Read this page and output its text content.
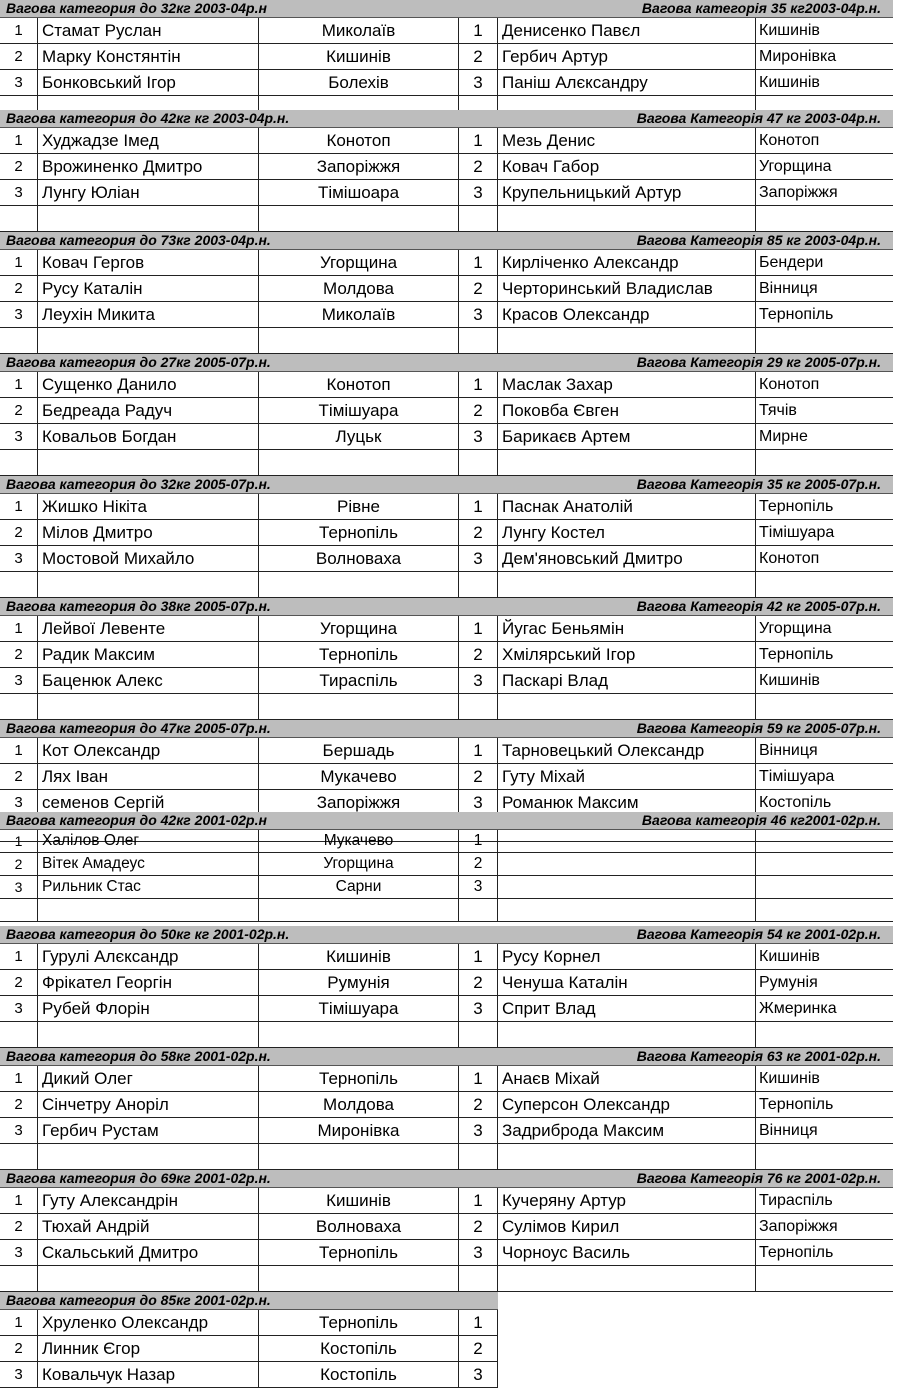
Вагова категория до 32кг 2003-04р.н	Вагова категорія 35 кг2003-04р.н.
1	Стамат Руслан	Миколаїв	1	Денисенко Павєл	Кишинів
2	Марку Констянтін	Кишинів	2	Гербич Артур	Миронівка
3	Бонковський Ігор	Болехів	3	Паніш Алєксандру	Кишинів
Вагова категория до 42кг кг 2003-04р.н.	Вагова Категорія 47 кг 2003-04р.н.
1	Худжадзе Імед	Конотоп	1	Мезь Денис	Конотоп
2	Врожиненко Дмитро	Запоріжжя	2	Ковач Габор	Угорщина
3	Лунгу Юліан	Тімішоара	3	Крупельницький Артур	Запоріжжя
Вагова категория до 73кг 2003-04р.н.	Вагова Категорія 85 кг 2003-04р.н.
1	Ковач Гергов	Угорщина	1	Кирліченко Александр	Бендери
2	Русу Каталін	Молдова	2	Черторинський Владислав	Вінниця
3	Леухін Микита	Миколаїв	3	Красов Олександр	Тернопіль
Вагова категория до 27кг 2005-07р.н.	Вагова Категорія 29 кг 2005-07р.н.
1	Сущенко Данило	Конотоп	1	Маслак Захар	Конотоп
2	Бедреада Радуч	Тімішуара	2	Поковба Євген	Тячів
3	Ковальов Богдан	Луцьк	3	Барикаєв Артем	Мирне
Вагова категория до 32кг 2005-07р.н.	Вагова Категорія 35 кг 2005-07р.н.
1	Жишко Нікіта	Рівне	1	Паснак Анатолій	Тернопіль
2	Мілов Дмитро	Тернопіль	2	Лунгу Костел	Тімішуара
3	Мостовой Михайло	Волноваха	3	Дем'яновський Дмитро	Конотоп
Вагова категория до 38кг 2005-07р.н.	Вагова Категорія 42 кг 2005-07р.н.
1	Лейвої Левенте	Угорщина	1	Йугас Беньямін	Угорщина
2	Радик Максим	Тернопіль	2	Хмілярський Ігор	Тернопіль
3	Баценюк Алекс	Тираспіль	3	Паскарі Влад	Кишинів
Вагова категория до 47кг 2005-07р.н.	Вагова Категорія 59 кг 2005-07р.н.
1	Кот Олександр	Бершадь	1	Тарновецький Олександр	Вінниця
2	Лях Іван	Мукачево	2	Гуту Міхай	Тімішуара
3	семенов Сергій	Запоріжжя	3	Романюк Максим	Костопіль
Вагова категория до 42кг 2001-02р.н	Вагова категорія 46 кг2001-02р.н.
1	Халілов Олег	Мукачево	1
2	Вітек Амадеус	Угорщина	2
3	Рильник Стас	Сарни	3
Вагова категория до 50кг кг 2001-02р.н.	Вагова Категорія 54 кг 2001-02р.н.
1	Гурулі Алєксандр	Кишинів	1	Русу Корнел	Кишинів
2	Фрікател Георгін	Румунія	2	Ченуша Каталін	Румунія
3	Рубей Флорін	Тімішуара	3	Сприт Влад	Жмеринка
Вагова категория до 58кг 2001-02р.н.	Вагова Категорія 63 кг 2001-02р.н.
1	Дикий Олег	Тернопіль	1	Анаєв Міхай	Кишинів
2	Сінчетру Анoріл	Молдова	2	Суперсон Олександр	Тернопіль
3	Гербич Рустам	Миронівка	3	Задриброда Максим	Вінниця
Вагова категория до 69кг 2001-02р.н.	Вагова Категорія 76 кг 2001-02р.н.
1	Гуту Александрін	Кишинів	1	Кучеряну Артур	Тираспіль
2	Тюхай Андрій	Волноваха	2	Сулімов Кирил	Запоріжжя
3	Скальський Дмитро	Тернопіль	3	Чорноус Василь	Тернопіль
Вагова категория до 85кг 2001-02р.н.
1	Хруленко Олександр	Тернопіль	1
2	Линник Єгор	Костопіль	2
3	Ковальчук Назар	Костопіль	3
